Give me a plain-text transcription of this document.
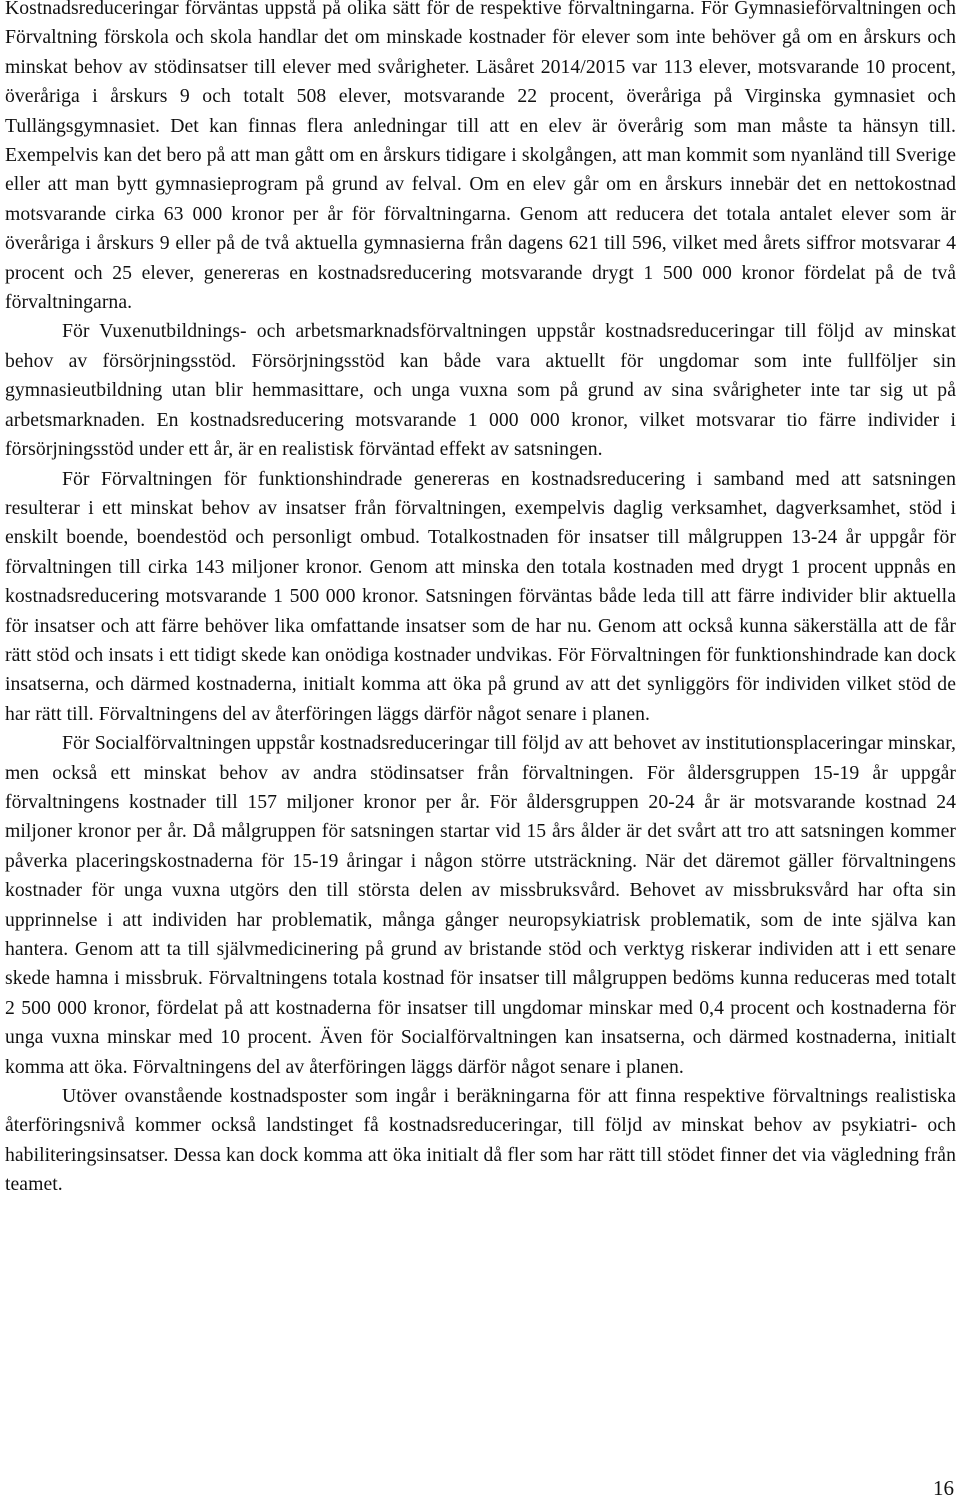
Kostnadsreduceringar förväntas uppstå på olika sätt för de respektive förvaltningarna. För Gymnasieförvaltningen och Förvaltning förskola och skola handlar det om minskade kostnader för elever som inte behöver gå om en årskurs och minskat behov av stödinsatser till elever med svårigheter. Läsåret 2014/2015 var 113 elever, motsvarande 10 procent, överåriga i årskurs 9 och totalt 508 elever, motsvarande 22 procent, överåriga på Virginska gymnasiet och Tullängsgymnasiet. Det kan finnas flera anledningar till att en elev är överårig som man måste ta hänsyn till. Exempelvis kan det bero på att man gått om en årskurs tidigare i skolgången, att man kommit som nyanländ till Sverige eller att man bytt gymnasieprogram på grund av felval. Om en elev går om en årskurs innebär det en nettokostnad motsvarande cirka 63 000 kronor per år för förvaltningarna. Genom att reducera det totala antalet elever som är överåriga i årskurs 9 eller på de två aktuella gymnasierna från dagens 621 till 596, vilket med årets siffror motsvarar 4 procent och 25 elever, genereras en kostnadsreducering motsvarande drygt 1 500 000 kronor fördelat på de två förvaltningarna.

För Vuxenutbildnings- och arbetsmarknadsförvaltningen uppstår kostnadsreduceringar till följd av minskat behov av försörjningsstöd. Försörjningsstöd kan både vara aktuellt för ungdomar som inte fullföljer sin gymnasieutbildning utan blir hemmasittare, och unga vuxna som på grund av sina svårigheter inte tar sig ut på arbetsmarknaden. En kostnadsreducering motsvarande 1 000 000 kronor, vilket motsvarar tio färre individer i försörjningsstöd under ett år, är en realistisk förväntad effekt av satsningen.

För Förvaltningen för funktionshindrade genereras en kostnadsreducering i samband med att satsningen resulterar i ett minskat behov av insatser från förvaltningen, exempelvis daglig verksamhet, dagverksamhet, stöd i enskilt boende, boendestöd och personligt ombud. Totalkostnaden för insatser till målgruppen 13-24 år uppgår för förvaltningen till cirka 143 miljoner kronor. Genom att minska den totala kostnaden med drygt 1 procent uppnås en kostnadsreducering motsvarande 1 500 000 kronor. Satsningen förväntas både leda till att färre individer blir aktuella för insatser och att färre behöver lika omfattande insatser som de har nu. Genom att också kunna säkerställa att de får rätt stöd och insats i ett tidigt skede kan onödiga kostnader undvikas. För Förvaltningen för funktionshindrade kan dock insatserna, och därmed kostnaderna, initialt komma att öka på grund av att det synliggörs för individen vilket stöd de har rätt till. Förvaltningens del av återföringen läggs därför något senare i planen.

För Socialförvaltningen uppstår kostnadsreduceringar till följd av att behovet av institutionsplaceringar minskar, men också ett minskat behov av andra stödinsatser från förvaltningen. För åldersgruppen 15-19 år uppgår förvaltningens kostnader till 157 miljoner kronor per år. För åldersgruppen 20-24 år är motsvarande kostnad 24 miljoner kronor per år. Då målgruppen för satsningen startar vid 15 års ålder är det svårt att tro att satsningen kommer påverka placeringskostnaderna för 15-19 åringar i någon större utsträckning. När det däremot gäller förvaltningens kostnader för unga vuxna utgörs den till största delen av missbruksvård. Behovet av missbruksvård har ofta sin upprinnelse i att individen har problematik, många gånger neuropsykiatrisk problematik, som de inte själva kan hantera. Genom att ta till självmedicinering på grund av bristande stöd och verktyg riskerar individen att i ett senare skede hamna i missbruk. Förvaltningens totala kostnad för insatser till målgruppen bedöms kunna reduceras med totalt 2 500 000 kronor, fördelat på att kostnaderna för insatser till ungdomar minskar med 0,4 procent och kostnaderna för unga vuxna minskar med 10 procent. Även för Socialförvaltningen kan insatserna, och därmed kostnaderna, initialt komma att öka. Förvaltningens del av återföringen läggs därför något senare i planen.

Utöver ovanstående kostnadsposter som ingår i beräkningarna för att finna respektive förvaltnings realistiska återföringsnivå kommer också landstinget få kostnadsreduceringar, till följd av minskat behov av psykiatri- och habiliteringsinsatser. Dessa kan dock komma att öka initialt då fler som har rätt till stödet finner det via vägledning från teamet.

16
